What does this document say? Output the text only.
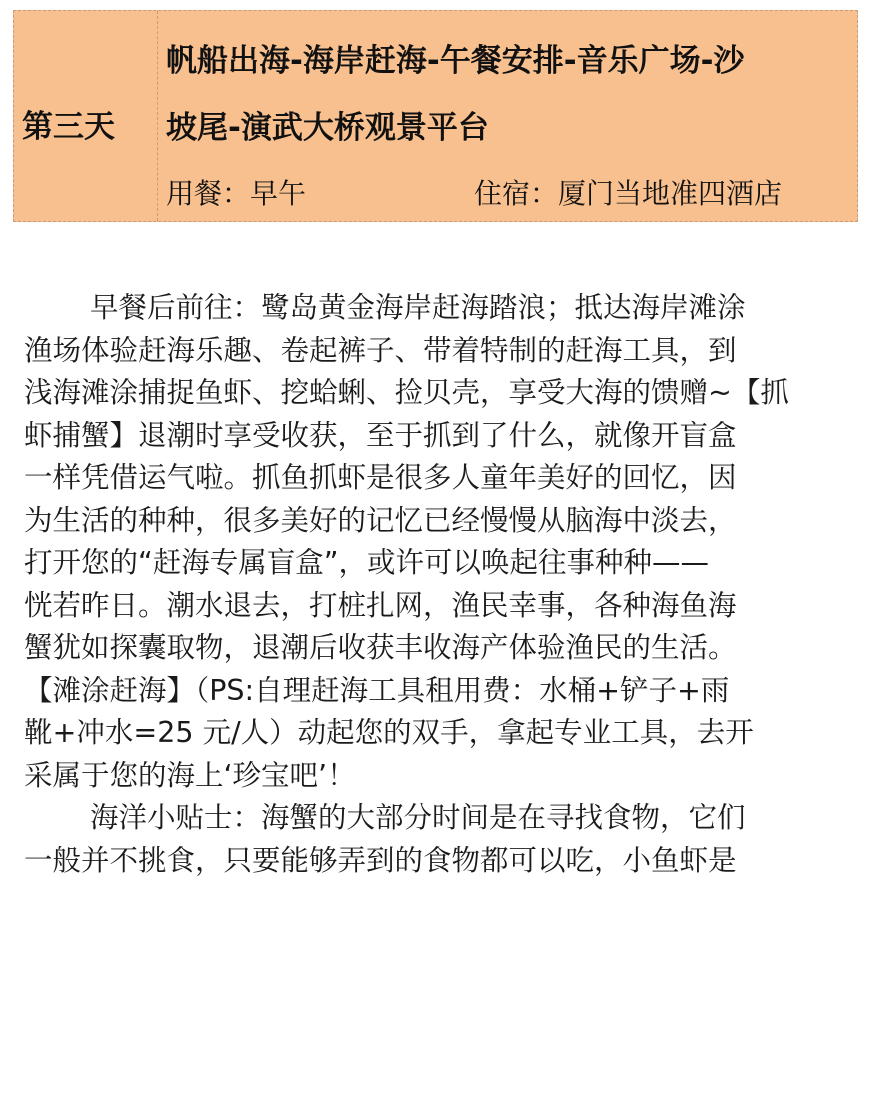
第三天
帆船出海-海岸赶海-午餐安排-音乐广场-沙
坡尾-演武大桥观景平台
用餐：早午	住宿：厦门当地准四酒店
早餐后前往：鹭岛黄金海岸赶海踏浪；抵达海岸滩涂
渔场体验赶海乐趣、卷起裤子、带着特制的赶海工具，到
浅海滩涂捕捉鱼虾、挖蛤蜊、捡贝壳，享受大海的馈赠~【抓
虾捕蟹】退潮时享受收获，至于抓到了什么，就像开盲盒
一样凭借运气啦。抓鱼抓虾是很多人童年美好的回忆，因
为生活的种种，很多美好的记忆已经慢慢从脑海中淡去，
打开您的“赶海专属盲盒”，或许可以唤起往事种种——
恍若昨日。潮水退去，打桩扎网，渔民幸事，各种海鱼海
蟹犹如探囊取物，退潮后收获丰收海产体验渔民的生活。
【滩涂赶海】（PS:自理赶海工具租用费：水桶+铲子+雨
靴+冲水=25 元/人）动起您的双手，拿起专业工具，去开
采属于您的海上‘珍宝吧’！
海洋小贴士：海蟹的大部分时间是在寻找食物，它们
一般并不挑食，只要能够弄到的食物都可以吃，小鱼虾是
